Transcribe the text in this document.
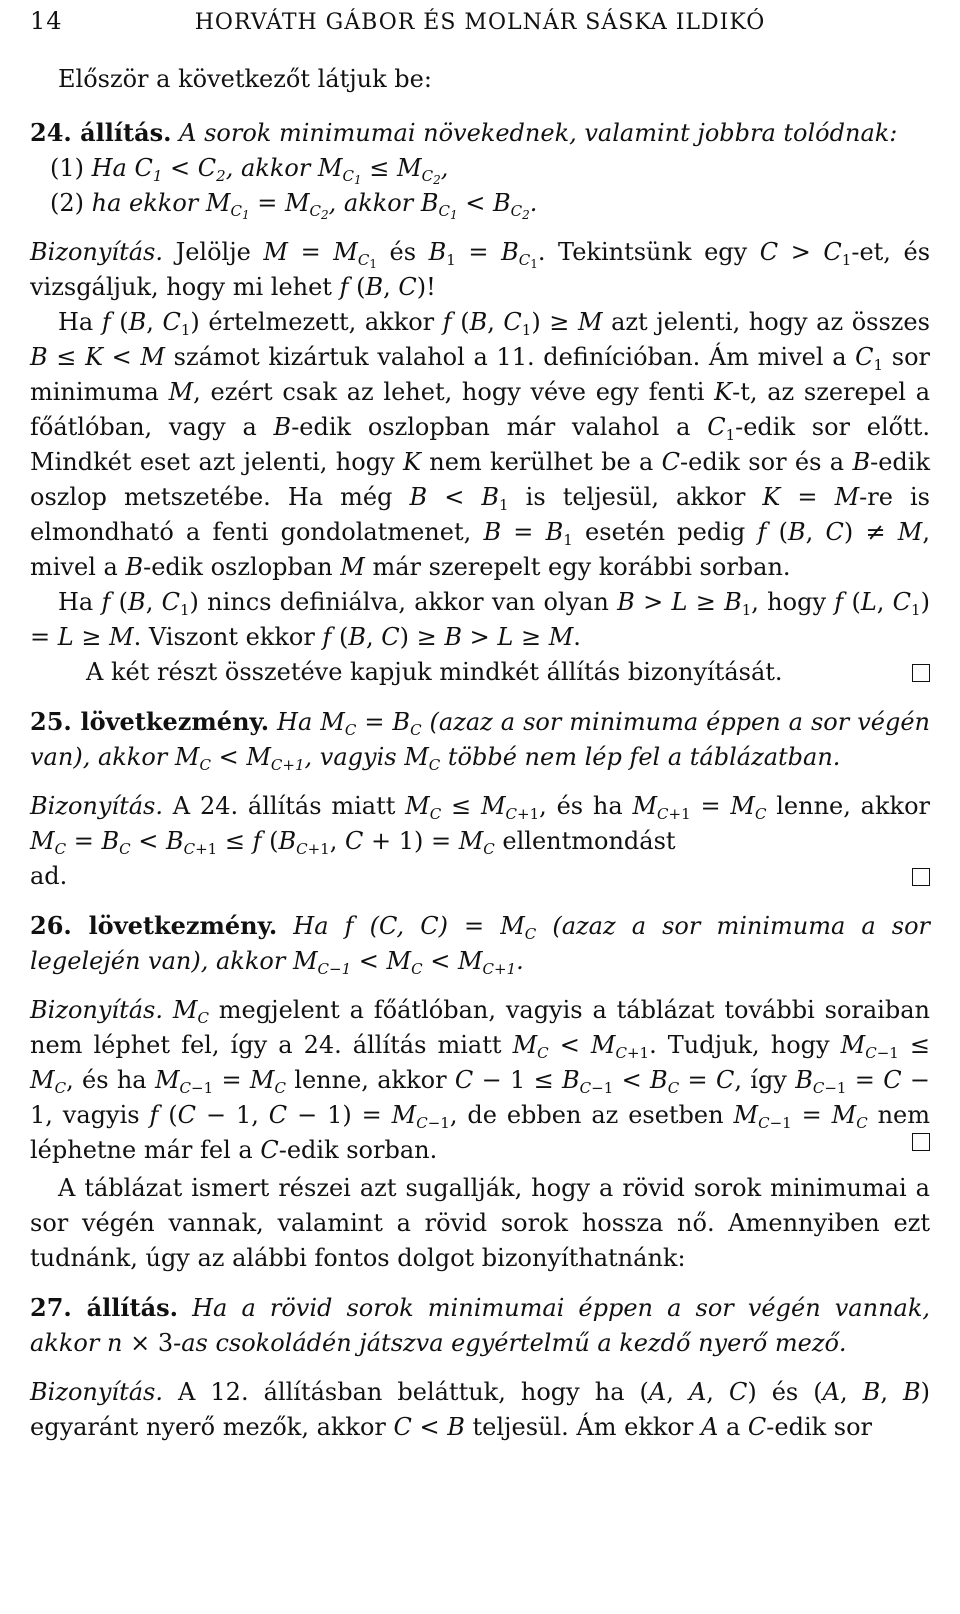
14	HORVÁTH GÁBOR ÉS MOLNÁR SÁSKA ILDIKÓ

Először a következőt látjuk be:

24. állítás. A sorok minimumai növekednek, valamint jobbra tolódnak:

(1) Ha $C_1 < C_2$, akkor $M_{C_1} \le M_{C_2}$,
(2) ha ekkor $M_{C_1} = M_{C_2}$, akkor $B_{C_1} < B_{C_2}$.

Bizonyítás. Jelölje $M = M_{C_1}$ és $B_1 = B_{C_1}$. Tekintsünk egy $C > C_1-et$, és vizsgáljuk, hogy mi lehet f (B, C)!

Ha f (B, $C_1$) értelmezett, akkor f (B, $C_1) \ge M$ azt jelenti, hogy az összes B ≤ K < M számot kizártuk valahol a 11. definícióban. Ám mivel a $C_1$ sor minimuma M, ezért csak az lehet, hogy véve egy fenti K-t, az szerepel a főátlóban, vagy a B-edik oszlopban már valahol a $C_1$-edik sor előtt. Mindkét eset azt jelenti, hogy K nem kerülhet be a C-edik sor és a B-edik oszlop metszetébe. Ha még $B < B_1$ is teljesül, akkor K = M-re is elmondható a fenti gondolatmenet, $B = B_1$ esetén pedig f (B, C) ≠ M, mivel a B-edik oszlopban M már szerepelt egy korábbi sorban.

Ha f (B, $C_1$) nincs definiálva, akkor van olyan $B > L \ge B_1$, hogy f (L, $C_1) = L \ge M$. Viszont ekkor f (B, C) ≥ B > L ≥ M.

A két részt összetéve kapjuk mindkét állítás bizonyítását.

25. lövetkezmény. Ha $M_C = B_C$ (azaz a sor minimuma éppen a sor végén van), akkor $M_C < M_{C+1}$, vagyis $M_C$ többé nem lép fel a táblázatban.

Bizonyítás. A 24. állítás miatt $M_C \le M_{C+1}$, és ha $M_{C+1} = M_C$ lenne, akkor $M_C = B_C < B_{C+1} \le f$ ($B_{C+1}$, $C + 1) = M_C$ ellentmondást

ad.

26. lövetkezmény. Ha f (C, $C) = M_C$ (azaz a sor minimuma a sor legelején van), akkor $M_{C-1} < M_C < M_{C+1}$.

Bizonyítás. $M_C$ megjelent a főátlóban, vagyis a táblázat további soraiban nem léphet fel, így a 24. állítás miatt $M_C < M_{C+1}$. Tudjuk, hogy $M_{C-1} \le M_C$, és ha $M_{C-1} = M_C$ lenne, akkor $C - 1 \le B_{C-1} < B_C = C$, így $B_{C-1} = C - 1$, vagyis f (C − 1, $C - 1) = M_{C-1}$, de ebben az esetben $M_{C-1} = M_C$ nem léphetne már fel a C-edik sorban.

A táblázat ismert részei azt sugallják, hogy a rövid sorok minimumai a sor végén vannak, valamint a rövid sorok hossza nő. Amennyiben ezt tudnánk, úgy az alábbi fontos dolgot bizonyíthatnánk:

27. állítás. Ha a rövid sorok minimumai éppen a sor végén vannak, akkor n × 3-as csokoládén játszva egyértelmű a kezdő nyerő mező.

Bizonyítás. A 12. állításban beláttuk, hogy ha (A, A, C) és (A, B, B) egyaránt nyerő mezők, akkor C < B teljesül. Ám ekkor A a C-edik sor
